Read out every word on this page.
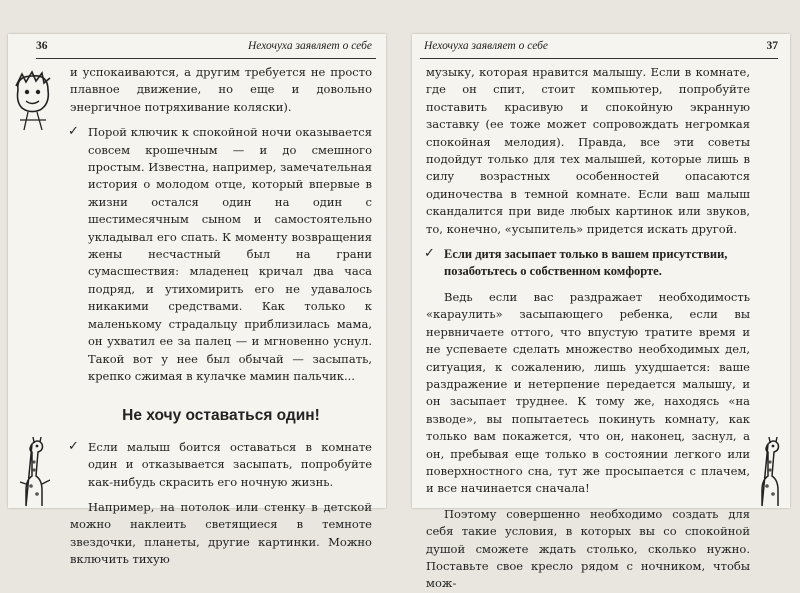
36	Нехочуха заявляет о себе

и успокаиваются, а другим требуется не просто плавное движение, но еще и довольно энергичное потряхивание коляски).

✓ Порой ключик к спокойной ночи оказывается совсем крошечным — и до смешного простым. Известна, например, замечательная история о молодом отце, который впервые в жизни остался один на один с шестимесячным сыном и самостоятельно укладывал его спать. К моменту возвращения жены несчастный был на грани сумасшествия: младенец кричал два часа подряд, и утихомирить его не удавалось никакими средствами. Как только к маленькому страдальцу приблизилась мама, он ухватил ее за палец — и мгновенно уснул. Такой вот у нее был обычай — засыпать, крепко сжимая в кулачке мамин пальчик...
Не хочу оставаться один!
✓ Если малыш боится оставаться в комнате один и отказывается засыпать, попробуйте как-нибудь скрасить его ночную жизнь.

Например, на потолок или стенку в детской можно наклеить светящиеся в темноте звездочки, планеты, другие картинки. Можно включить тихую

Нехочуха заявляет о себе	37

музыку, которая нравится малышу. Если в комнате, где он спит, стоит компьютер, попробуйте поставить красивую и спокойную экранную заставку (ее тоже может сопровождать негромкая спокойная мелодия). Правда, все эти советы подойдут только для тех малышей, которые лишь в силу возрастных особенностей опасаются одиночества в темной комнате. Если ваш малыш скандалится при виде любых картинок или звуков, то, конечно, «усыпитель» придется искать другой.

✓ Если дитя засыпает только в вашем присутствии, позаботьтесь о собственном комфорте.

Ведь если вас раздражает необходимость «караулить» засыпающего ребенка, если вы нервничаете оттого, что впустую тратите время и не успеваете сделать множество необходимых дел, ситуация, к сожалению, лишь ухудшается: ваше раздражение и нетерпение передается малышу, и он засыпает труднее. К тому же, находясь «на взводе», вы попытаетесь покинуть комнату, как только вам покажется, что он, наконец, заснул, а он, пребывая еще только в состоянии легкого или поверхностного сна, тут же просыпается с плачем, и все начинается сначала!

Поэтому совершенно необходимо создать для себя такие условия, в которых вы со спокойной душой сможете ждать столько, сколько нужно. Поставьте свое кресло рядом с ночником, чтобы мож-
